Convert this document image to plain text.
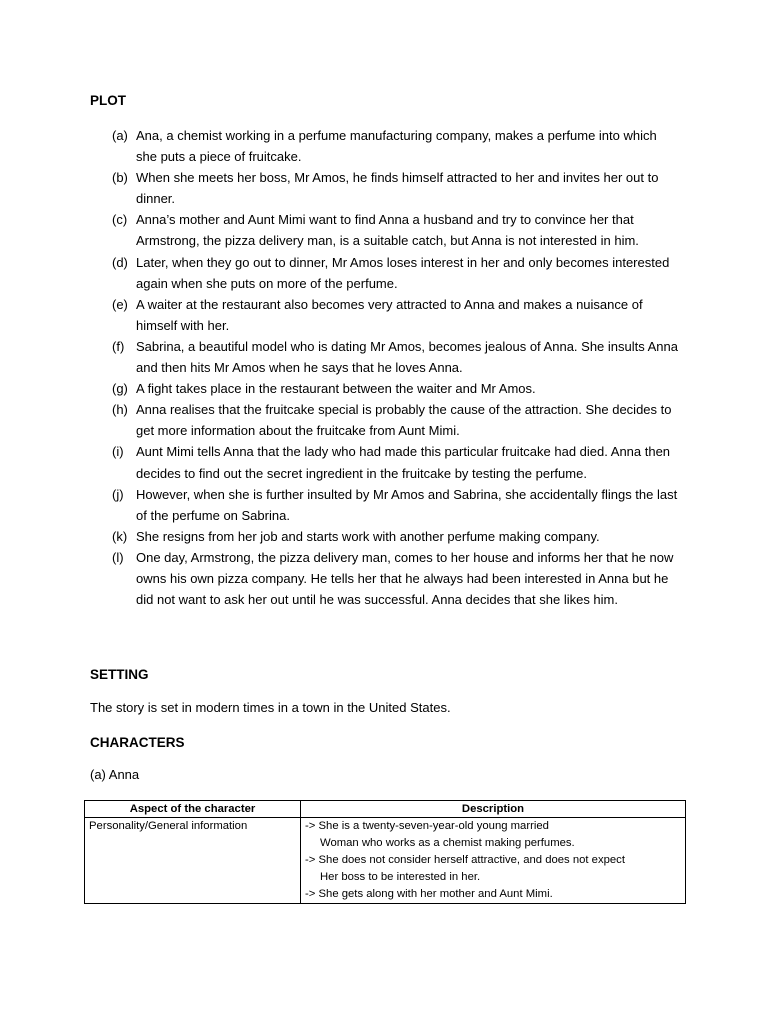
PLOT
(a) Ana, a chemist working in a perfume manufacturing company, makes a perfume into which she puts a piece of fruitcake.
(b) When she meets her boss, Mr Amos, he finds himself attracted to her and invites her out to dinner.
(c) Anna’s mother and Aunt Mimi want to find Anna a husband and try to convince her that Armstrong, the pizza delivery man, is a suitable catch, but Anna is not interested in him.
(d) Later, when they go out to dinner, Mr Amos loses interest in her and only becomes interested again when she puts on more of the perfume.
(e) A waiter at the restaurant also becomes very attracted to Anna and makes a nuisance of himself with her.
(f) Sabrina, a beautiful model who is dating Mr Amos, becomes jealous of Anna. She insults Anna and then hits Mr Amos when he says that he loves Anna.
(g) A fight takes place in the restaurant between the waiter and Mr Amos.
(h) Anna realises that the fruitcake special is probably the cause of the attraction. She decides to get more information about the fruitcake from Aunt Mimi.
(i) Aunt Mimi tells Anna that the lady who had made this particular fruitcake had died. Anna then decides to find out the secret ingredient in the fruitcake by testing the perfume.
(j) However, when she is further insulted by Mr Amos and Sabrina, she accidentally flings the last of the perfume on Sabrina.
(k) She resigns from her job and starts work with another perfume making company.
(l) One day, Armstrong, the pizza delivery man, comes to her house and informs her that he now owns his own pizza company. He tells her that he always had been interested in Anna but he did not want to ask her out until he was successful. Anna decides that she likes him.
SETTING
The story is set in modern times in a town in the United States.
CHARACTERS
(a) Anna
Aspect of the character	Description
Personality/General information	-> She is a twenty-seven-year-old young married
Woman who works as a chemist making perfumes.
-> She does not consider herself attractive, and does not expect
Her boss to be interested in her.
-> She gets along with her mother and Aunt Mimi.
